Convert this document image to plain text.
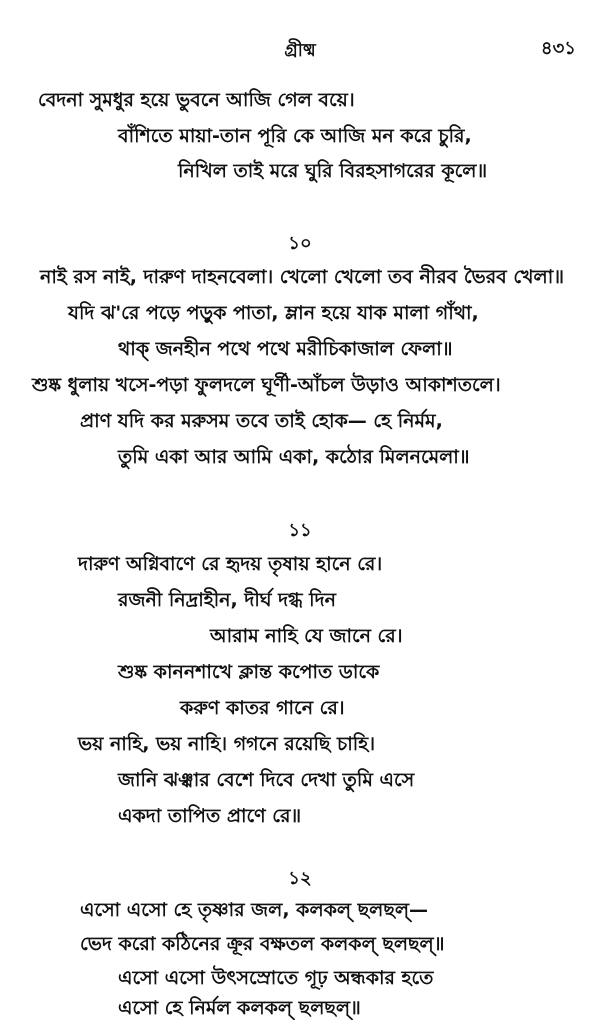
গ্রীষ্ম	৪৩১
বেদনা সুমধুর হয়ে ভুবনে আজি গেল বয়ে।
বাঁশিতে মায়া-তান পূরি কে আজি মন করে চুরি,
নিখিল তাই মরে ঘুরি বিরহসাগরের কূলে॥
১০
নাই রস নাই, দারুণ দাহনবেলা। খেলো খেলো তব নীরব ভৈরব খেলা॥
যদি ঝ'রে পড়ে পড়ুক পাতা, ম্লান হয়ে যাক মালা গাঁথা,
থাক্‌ জনহীন পথে পথে মরীচিকাজাল ফেলা॥
শুষ্ক ধুলায় খসে-পড়া ফুলদলে ঘূর্ণী-আঁচল উড়াও আকাশতলে।
প্রাণ যদি কর মরুসম তবে তাই হোক— হে নির্মম,
তুমি একা আর আমি একা, কঠোর মিলনমেলা॥
১১
দারুণ অগ্নিবাণে রে হৃদয় তৃষায় হানে রে।
রজনী নিদ্রাহীন, দীর্ঘ দগ্ধ দিন
আরাম নাহি যে জানে রে।
শুষ্ক কাননশাখে ক্লান্ত কপোত ডাকে
করুণ কাতর গানে রে।
ভয় নাহি, ভয় নাহি। গগনে রয়েছি চাহি।
জানি ঝঞ্ঝার বেশে দিবে দেখা তুমি এসে
একদা তাপিত প্রাণে রে॥
১২
এসো এসো হে তৃষ্ণার জল, কলকল্‌ ছলছল্‌—
ভেদ করো কঠিনের ক্রূর বক্ষতল কলকল্‌ ছলছল্‌॥
এসো এসো উৎসস্রোতে গূঢ় অন্ধকার হতে
এসো হে নির্মল কলকল্‌ ছলছল্‌॥
